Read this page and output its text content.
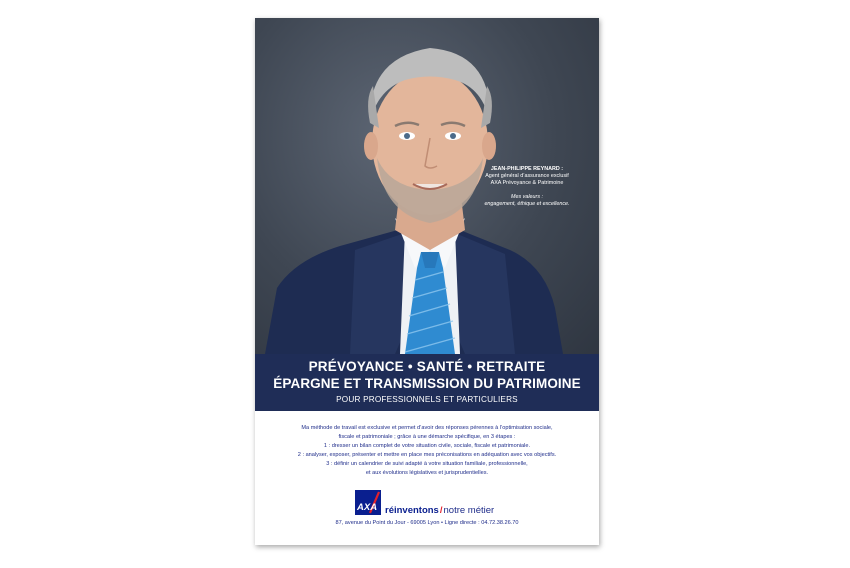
JEAN-PHILIPPE REYNARD :
Agent général d’assurance exclusif
AXA Prévoyance & Patrimoine
Mes valeurs :
engagement, éthique et excellence.
PRÉVOYANCE • SANTÉ • RETRAITE
ÉPARGNE ET TRANSMISSION DU PATRIMOINE
POUR PROFESSIONNELS ET PARTICULIERS
Ma méthode de travail est exclusive et permet d’avoir des réponses pérennes à l’optimisation sociale,
fiscale et patrimoniale ; grâce à une démarche spécifique, en 3 étapes :
1 : dresser un bilan complet de votre situation civile, sociale, fiscale et patrimoniale.
2 : analyser, exposer, présenter et mettre en place mes préconisations en adéquation avec vos objectifs.
3 : définir un calendrier de suivi adapté à votre situation familiale, professionnelle,
et aux évolutions législatives et jurisprudentielles.
AXA réinventons/notre métier
87, avenue du Point du Jour - 69005 Lyon • Ligne directe : 04.72.38.26.70
